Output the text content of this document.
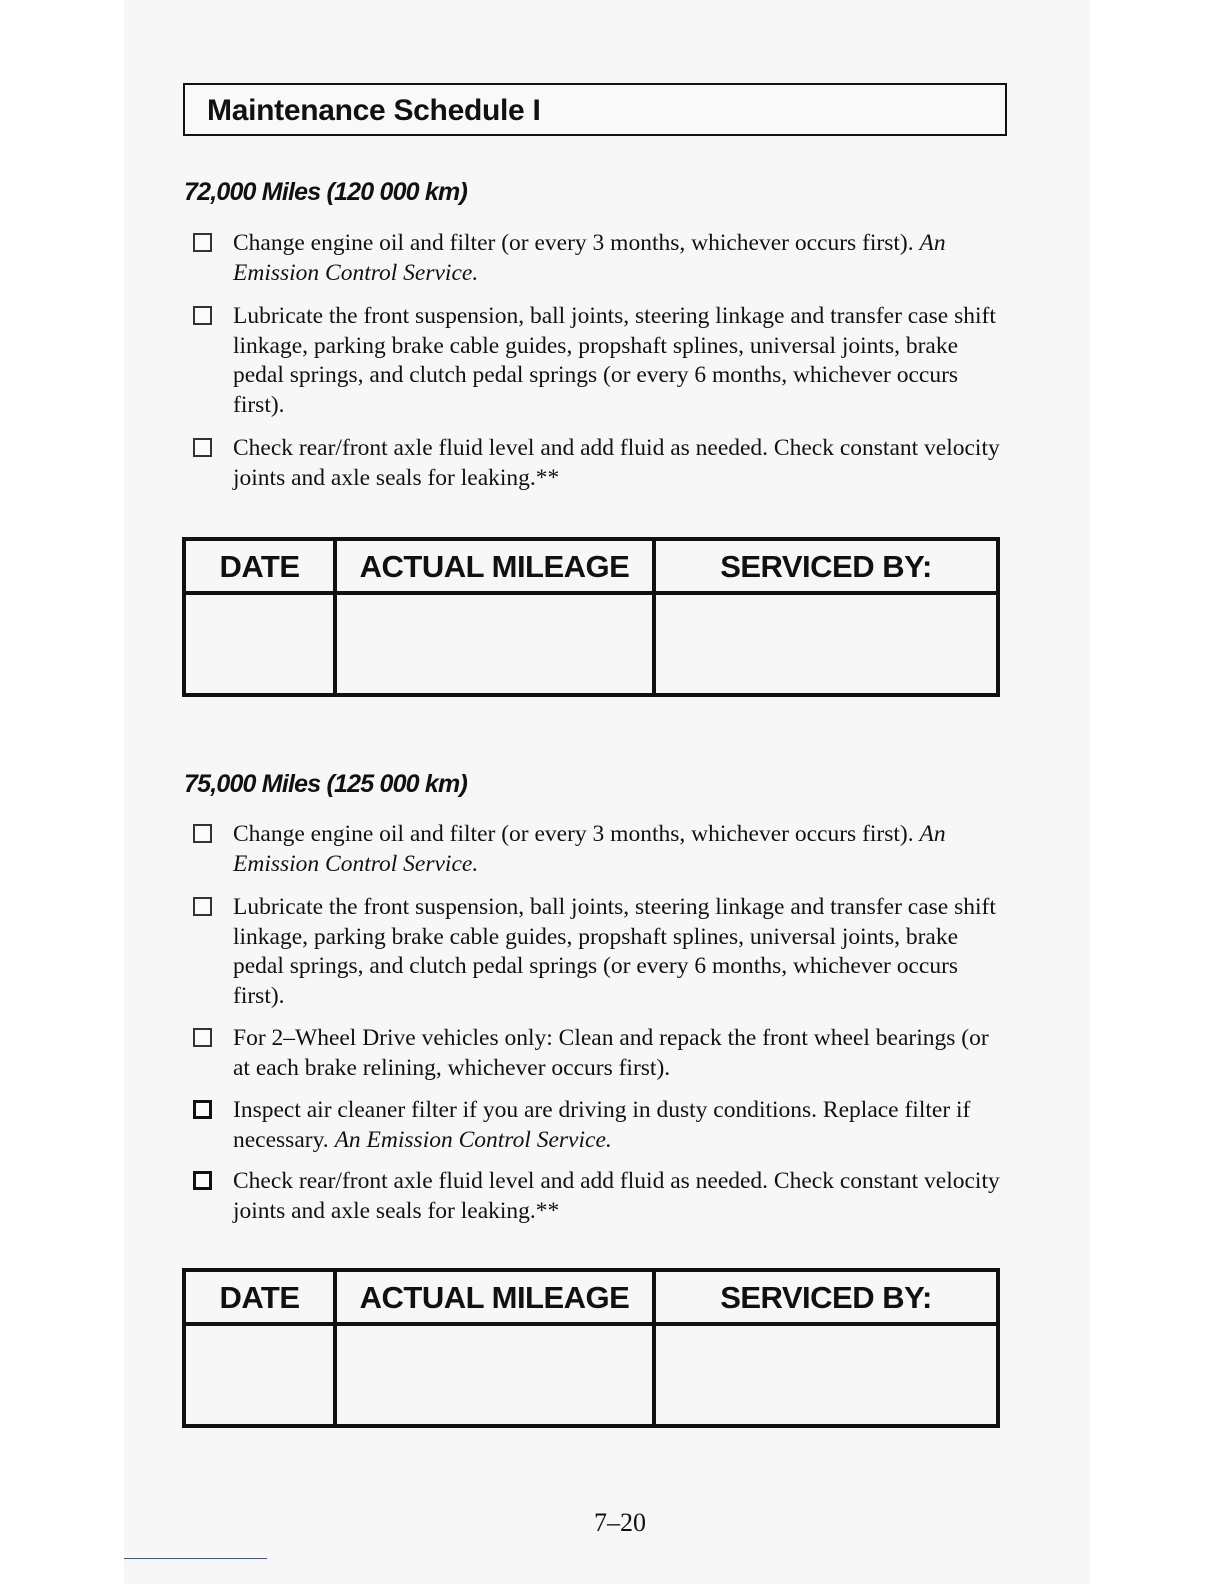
Maintenance Schedule I
72,000 Miles (120 000 km)
Change engine oil and filter (or every 3 months, whichever occurs first). An Emission Control Service.
Lubricate the front suspension, ball joints, steering linkage and transfer case shift linkage, parking brake cable guides, propshaft splines, universal joints, brake pedal springs, and clutch pedal springs (or every 6 months, whichever occurs first).
Check rear/front axle fluid level and add fluid as needed. Check constant velocity joints and axle seals for leaking.**
DATE	ACTUAL MILEAGE	SERVICED BY:
75,000 Miles (125 000 km)
Change engine oil and filter (or every 3 months, whichever occurs first). An Emission Control Service.
Lubricate the front suspension, ball joints, steering linkage and transfer case shift linkage, parking brake cable guides, propshaft splines, universal joints, brake pedal springs, and clutch pedal springs (or every 6 months, whichever occurs first).
For 2–Wheel Drive vehicles only: Clean and repack the front wheel bearings (or at each brake relining, whichever occurs first).
Inspect air cleaner filter if you are driving in dusty conditions. Replace filter if necessary. An Emission Control Service.
Check rear/front axle fluid level and add fluid as needed. Check constant velocity joints and axle seals for leaking.**
DATE	ACTUAL MILEAGE	SERVICED BY:
7–20
